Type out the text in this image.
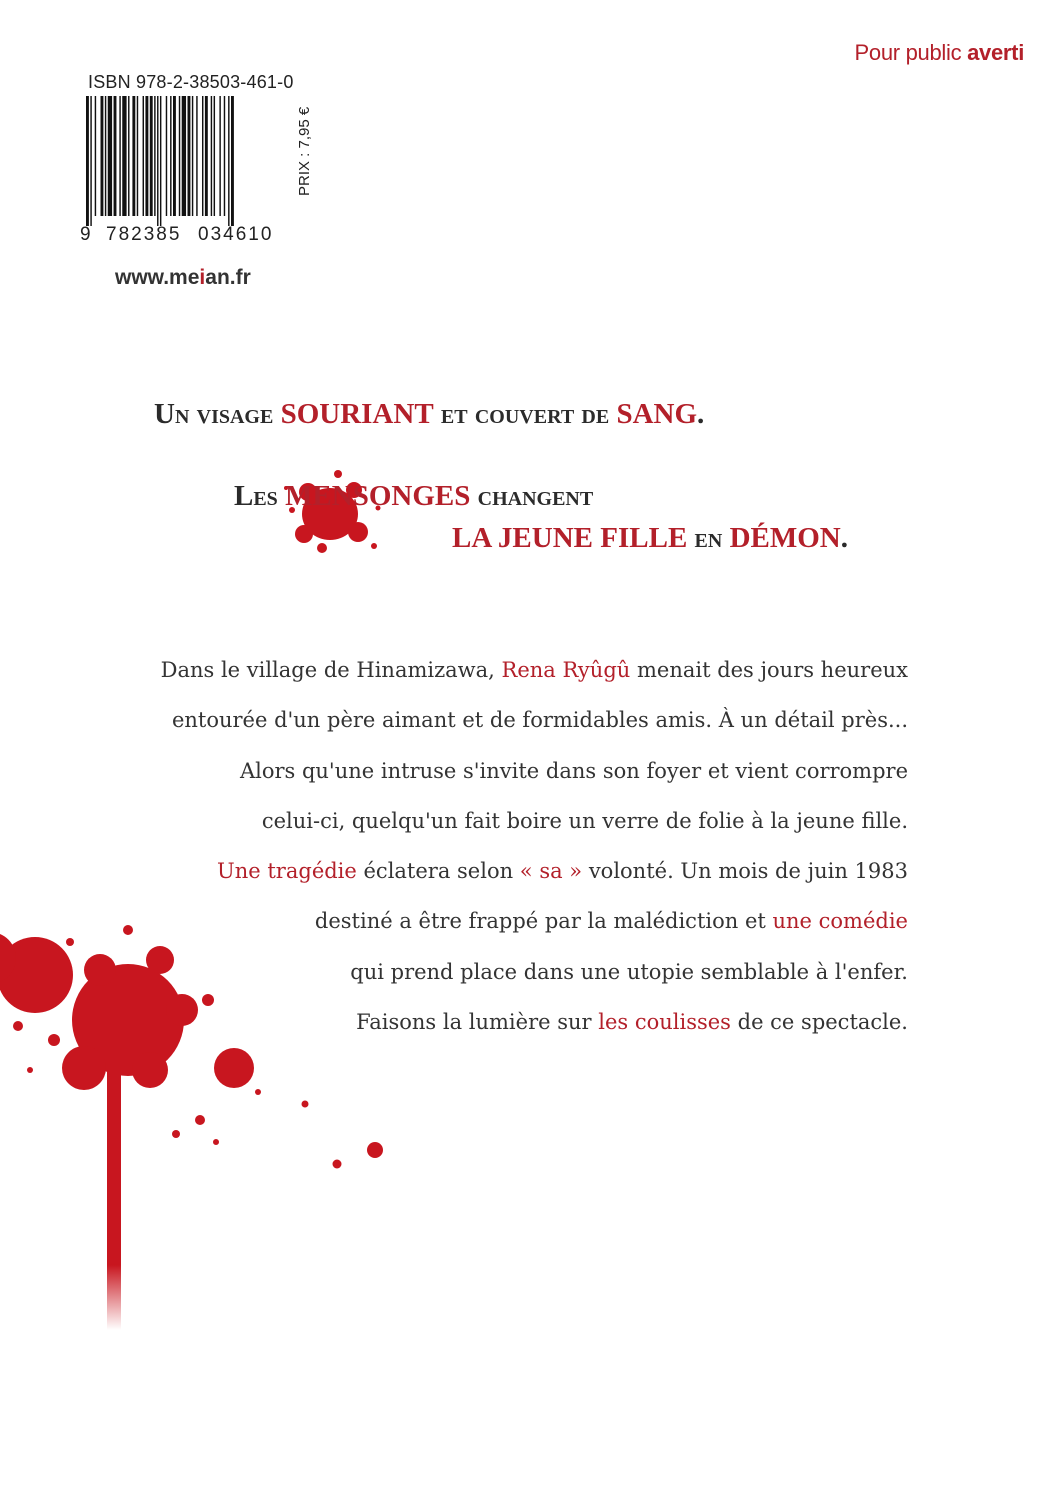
Pour public averti
ISBN 978-2-38503-461-0
9 782385 034610
PRIX : 7,95 €
www.meian.fr
Un visage SOURIANT et couvert de SANG.
Les MENSONGES changent
LA JEUNE FILLE en DÉMON.
Dans le village de Hinamizawa, Rena Ryûgû menait des jours heureux
entourée d'un père aimant et de formidables amis. À un détail près...
Alors qu'une intruse s'invite dans son foyer et vient corrompre
celui-ci, quelqu'un fait boire un verre de folie à la jeune fille.
Une tragédie éclatera selon « sa » volonté. Un mois de juin 1983
destiné a être frappé par la malédiction et une comédie
qui prend place dans une utopie semblable à l'enfer.
Faisons la lumière sur les coulisses de ce spectacle.
